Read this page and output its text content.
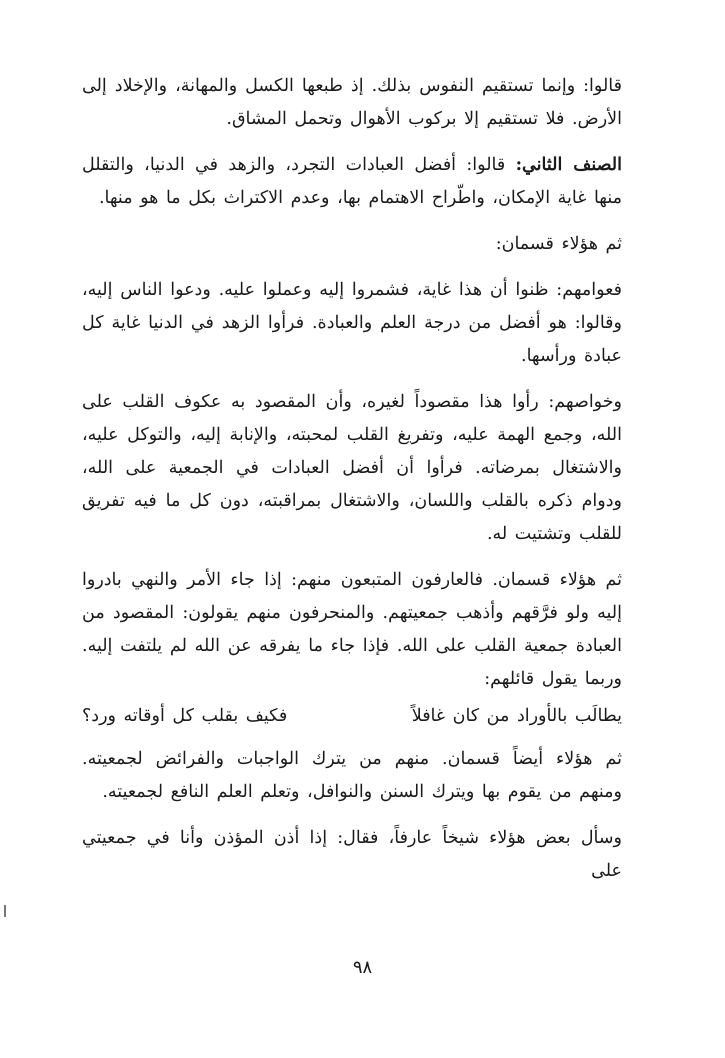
قالوا: وإنما تستقيم النفوس بذلك. إذ طبعها الكسل والمهانة، والإخلاد إلى الأرض. فلا تستقيم إلا بركوب الأهوال وتحمل المشاق.

الصنف الثاني: قالوا: أفضل العبادات التجرد، والزهد في الدنيا، والتقلل منها غاية الإمكان، واطّراح الاهتمام بها، وعدم الاكتراث بكل ما هو منها.

ثم هؤلاء قسمان:

فعوامهم: ظنوا أن هذا غاية، فشمروا إليه وعملوا عليه. ودعوا الناس إليه، وقالوا: هو أفضل من درجة العلم والعبادة. فرأوا الزهد في الدنيا غاية كل عبادة ورأسها.

وخواصهم: رأوا هذا مقصوداً لغيره، وأن المقصود به عكوف القلب على الله، وجمع الهمة عليه، وتفريغ القلب لمحبته، والإنابة إليه، والتوكل عليه، والاشتغال بمرضاته. فرأوا أن أفضل العبادات في الجمعية على الله، ودوام ذكره بالقلب واللسان، والاشتغال بمراقبته، دون كل ما فيه تفريق للقلب وتشتيت له.

ثم هؤلاء قسمان. فالعارفون المتبعون منهم: إذا جاء الأمر والنهي بادروا إليه ولو فرَّقهم وأذهب جمعيتهم. والمنحرفون منهم يقولون: المقصود من العبادة جمعية القلب على الله. فإذا جاء ما يفرقه عن الله لم يلتفت إليه. وربما يقول قائلهم:

يطالَب بالأوراد من كان غافلاً
فكيف بقلب كل أوقاته ورد؟

ثم هؤلاء أيضاً قسمان. منهم من يترك الواجبات والفرائض لجمعيته. ومنهم من يقوم بها ويترك السنن والنوافل، وتعلم العلم النافع لجمعيته.

وسأل بعض هؤلاء شيخاً عارفاً، فقال: إذا أذن المؤذن وأنا في جمعيتي على

٩٨
